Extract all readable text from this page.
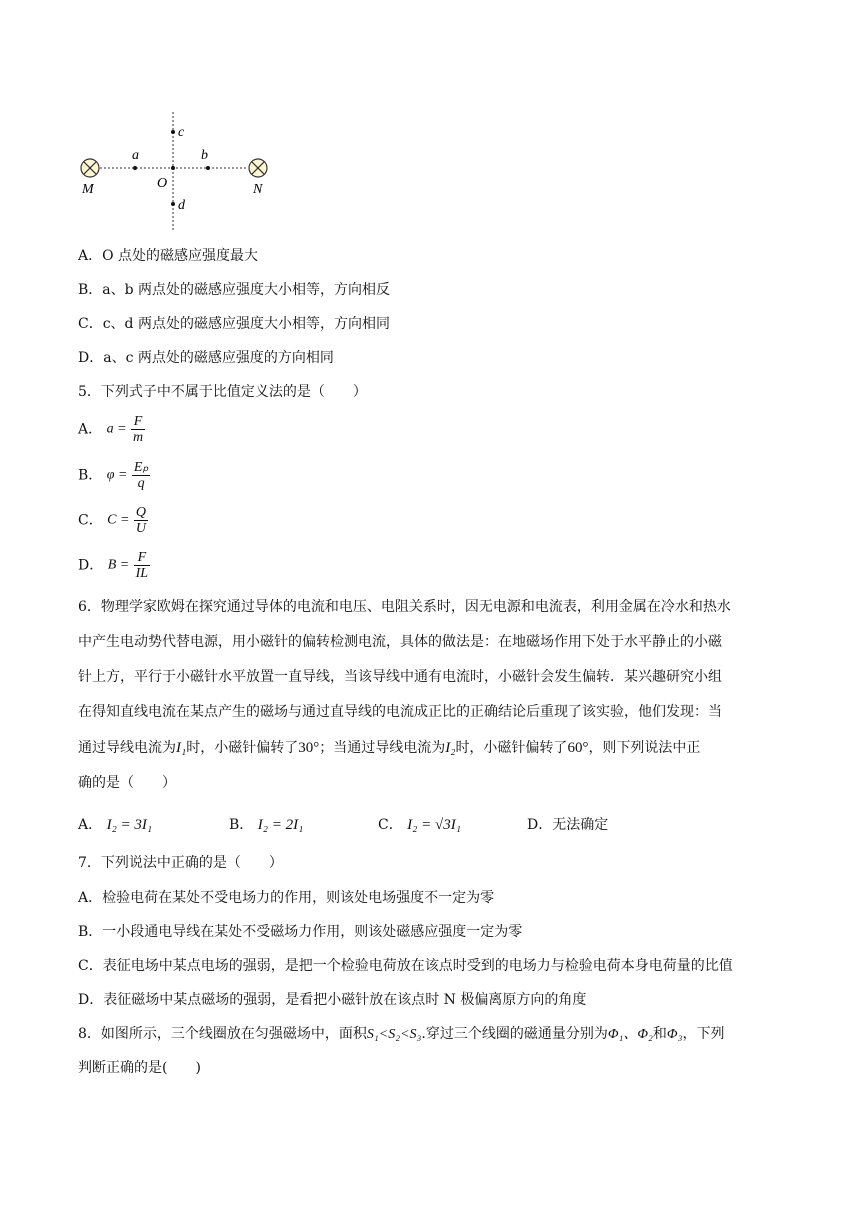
c
a	b
O
M	N
d
A．O 点处的磁感应强度最大
B．a、b 两点处的磁感应强度大小相等，方向相反
C．c、d 两点处的磁感应强度大小相等，方向相同
D．a、c 两点处的磁感应强度的方向相同
5．下列式子中不属于比值定义法的是（　　）
A． $a = \frac{F}{m}$
B． $\varphi = \frac{\text{Eₚ}}{q}$
C． $C = \frac{Q}{U}$
D． $B = \frac{F}{IL}$
6．物理学家欧姆在探究通过导体的电流和电压、电阻关系时，因无电源和电流表，利用金属在冷水和热水
中产生电动势代替电源，用小磁针的偏转检测电流，具体的做法是：在地磁场作用下处于水平静止的小磁
针上方，平行于小磁针水平放置一直导线，当该导线中通有电流时，小磁针会发生偏转．某兴趣研究小组
在得知直线电流在某点产生的磁场与通过直导线的电流成正比的正确结论后重现了该实验，他们发现：当
通过导线电流为I₁时，小磁针偏转了30°；当通过导线电流为I₂时，小磁针偏转了60°，则下列说法中正
确的是（　　）
A． I₂ = 3I₁	B． I₂ = 2I₁	C． I₂ = √3I₁	D．无法确定
7．下列说法中正确的是（　　）
A．检验电荷在某处不受电场力的作用，则该处电场强度不一定为零
B．一小段通电导线在某处不受磁场力作用，则该处磁感应强度一定为零
C．表征电场中某点电场的强弱，是把一个检验电荷放在该点时受到的电场力与检验电荷本身电荷量的比值
D．表征磁场中某点磁场的强弱，是看把小磁针放在该点时 N 极偏离原方向的角度
8．如图所示，三个线圈放在匀强磁场中，面积S₁<S₂<S₃.穿过三个线圈的磁通量分别为Φ₁、Φ₂和Φ₃，下列
判断正确的是(　　)
